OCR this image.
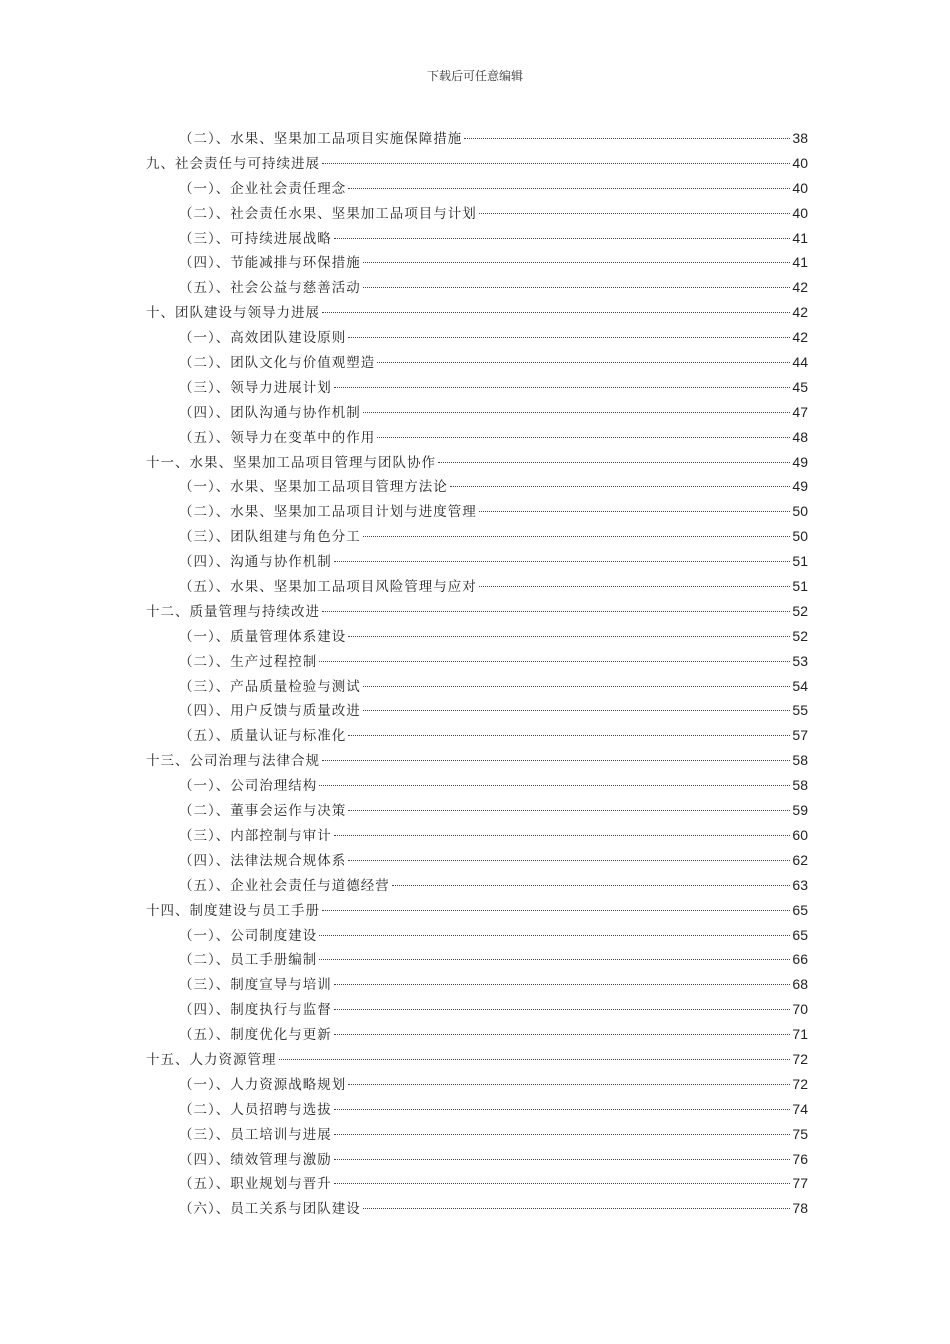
下载后可任意编辑
（二）、水果、坚果加工品项目实施保障措施	38
九、社会责任与可持续进展	40
（一）、企业社会责任理念	40
（二）、社会责任水果、坚果加工品项目与计划	40
（三）、可持续进展战略	41
（四）、节能减排与环保措施	41
（五）、社会公益与慈善活动	42
十、团队建设与领导力进展	42
（一）、高效团队建设原则	42
（二）、团队文化与价值观塑造	44
（三）、领导力进展计划	45
（四）、团队沟通与协作机制	47
（五）、领导力在变革中的作用	48
十一、水果、坚果加工品项目管理与团队协作	49
（一）、水果、坚果加工品项目管理方法论	49
（二）、水果、坚果加工品项目计划与进度管理	50
（三）、团队组建与角色分工	50
（四）、沟通与协作机制	51
（五）、水果、坚果加工品项目风险管理与应对	51
十二、质量管理与持续改进	52
（一）、质量管理体系建设	52
（二）、生产过程控制	53
（三）、产品质量检验与测试	54
（四）、用户反馈与质量改进	55
（五）、质量认证与标准化	57
十三、公司治理与法律合规	58
（一）、公司治理结构	58
（二）、董事会运作与决策	59
（三）、内部控制与审计	60
（四）、法律法规合规体系	62
（五）、企业社会责任与道德经营	63
十四、制度建设与员工手册	65
（一）、公司制度建设	65
（二）、员工手册编制	66
（三）、制度宣导与培训	68
（四）、制度执行与监督	70
（五）、制度优化与更新	71
十五、人力资源管理	72
（一）、人力资源战略规划	72
（二）、人员招聘与选拔	74
（三）、员工培训与进展	75
（四）、绩效管理与激励	76
（五）、职业规划与晋升	77
（六）、员工关系与团队建设	78
